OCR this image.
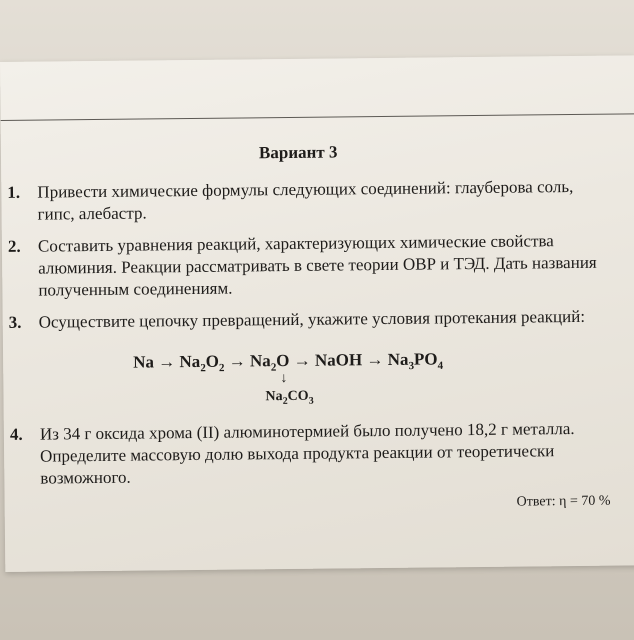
Вариант 3
1. Привести химические формулы следующих соединений: глауберова соль, гипс, алебастр.
2. Составить уравнения реакций, характеризующих химические свойства алюминия. Реакции рассматривать в свете теории ОВР и ТЭД. Дать названия полученным соединениям.
3. Осуществите цепочку превращений, укажите условия протекания реакций:
$Na \to Na_2O_2 \to Na_2O$ → NaOH → $Na_3PO_4$
↓
$Na_2CO_3$
4. Из 34 г оксида хрома (II) алюминотермией было получено 18,2 г металла. Определите массовую долю выхода продукта реакции от теоретически возможного.
Ответ: η = 70 %
